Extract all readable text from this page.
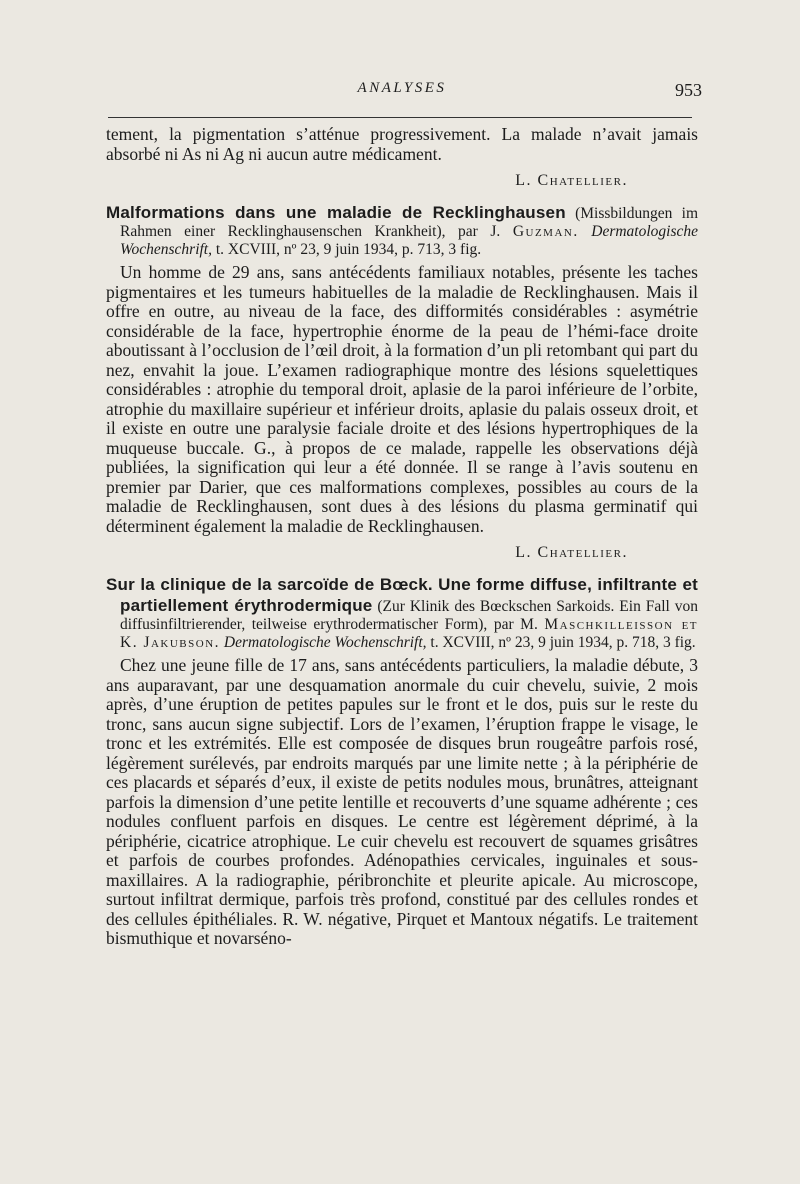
ANALYSES	953

tement, la pigmentation s’atténue progressivement. La malade n’avait jamais absorbé ni As ni Ag ni aucun autre médicament.

L. Chatellier.

Malformations dans une maladie de Recklinghausen (Missbildungen im Rahmen einer Recklinghausenschen Krankheit), par J. Guzman. Dermatologische Wochenschrift, t. XCVIII, nº 23, 9 juin 1934, p. 713, 3 fig.

Un homme de 29 ans, sans antécédents familiaux notables, présente les taches pigmentaires et les tumeurs habituelles de la maladie de Recklinghausen. Mais il offre en outre, au niveau de la face, des difformités considérables : asymétrie considérable de la face, hypertrophie énorme de la peau de l’hémi-face droite aboutissant à l’occlusion de l’œil droit, à la formation d’un pli retombant qui part du nez, envahit la joue. L’examen radiographique montre des lésions squelettiques considérables : atrophie du temporal droit, aplasie de la paroi inférieure de l’orbite, atrophie du maxillaire supérieur et inférieur droits, aplasie du palais osseux droit, et il existe en outre une paralysie faciale droite et des lésions hypertrophiques de la muqueuse buccale. G., à propos de ce malade, rappelle les observations déjà publiées, la signification qui leur a été donnée. Il se range à l’avis soutenu en premier par Darier, que ces malformations complexes, possibles au cours de la maladie de Recklinghausen, sont dues à des lésions du plasma germinatif qui déterminent également la maladie de Recklinghausen.

L. Chatellier.

Sur la clinique de la sarcoïde de Bœck. Une forme diffuse, infiltrante et partiellement érythrodermique (Zur Klinik des Bœckschen Sarkoids. Ein Fall von diffusinfiltrierender, teilweise erythrodermatischer Form), par M. Maschkilleisson et K. Jakubson. Dermatologische Wochenschrift, t. XCVIII, nº 23, 9 juin 1934, p. 718, 3 fig.

Chez une jeune fille de 17 ans, sans antécédents particuliers, la maladie débute, 3 ans auparavant, par une desquamation anormale du cuir chevelu, suivie, 2 mois après, d’une éruption de petites papules sur le front et le dos, puis sur le reste du tronc, sans aucun signe subjectif. Lors de l’examen, l’éruption frappe le visage, le tronc et les extrémités. Elle est composée de disques brun rougeâtre parfois rosé, légèrement surélevés, par endroits marqués par une limite nette ; à la périphérie de ces placards et séparés d’eux, il existe de petits nodules mous, brunâtres, atteignant parfois la dimension d’une petite lentille et recouverts d’une squame adhérente ; ces nodules confluent parfois en disques. Le centre est légèrement déprimé, à la périphérie, cicatrice atrophique. Le cuir chevelu est recouvert de squames grisâtres et parfois de courbes profondes. Adénopathies cervicales, inguinales et sous-maxillaires. A la radiographie, péribronchite et pleurite apicale. Au microscope, surtout infiltrat dermique, parfois très profond, constitué par des cellules rondes et des cellules épithéliales. R. W. négative, Pirquet et Mantoux négatifs. Le traitement bismuthique et novarséno-
